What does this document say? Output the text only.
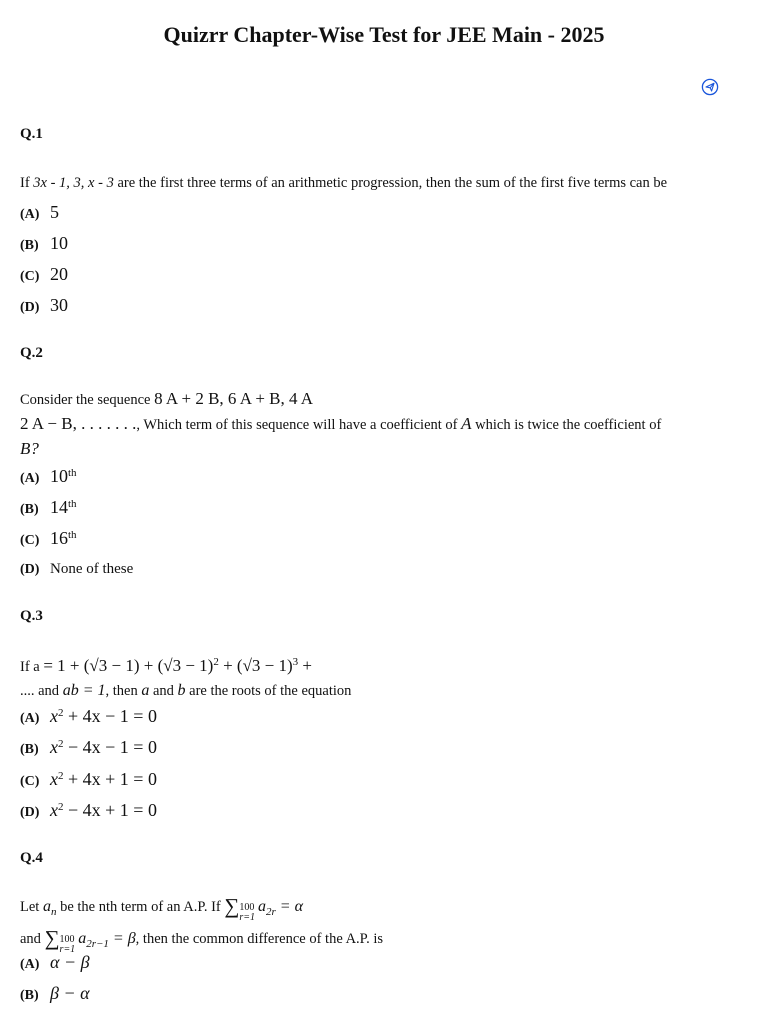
Quizrr Chapter-Wise Test for JEE Main - 2025

Q.1

If 3x - 1, 3, x - 3 are the first three terms of an arithmetic progression, then the sum of the first five terms can be

(A) 5
(B) 10
(C) 20
(D) 30

Q.2

Consider the sequence 8 A + 2 B, 6 A + B, 4 A
2 A − B, . . . . . . ., Which term of this sequence will have a coefficient of A which is twice the coefficient of
B?

(A) 10th
(B) 14th
(C) 16th
(D) None of these

Q.3

If $a = 1 + (√3 - 1) + (√3 - 1)^2 + (√3 - 1)^3$ +
.... and ab = 1, then a and b are the roots of the equation

(A) $x^2 + 4x - 1 = 0$
(B) $x^2 - 4x - 1 = 0$
(C) $x^2 + 4x + 1 = 0$
(D) $x^2 - 4x + 1 = 0$

Q.4

Let $a_n$ be the nth term of an A.P. If ∑ 100
r=1
$a_{2r} = \alpha$
and ∑ 100
r=1
$a_{2r-1} = \beta$, then the common difference of the A.P. is

(A) α − β
(B) β − α
